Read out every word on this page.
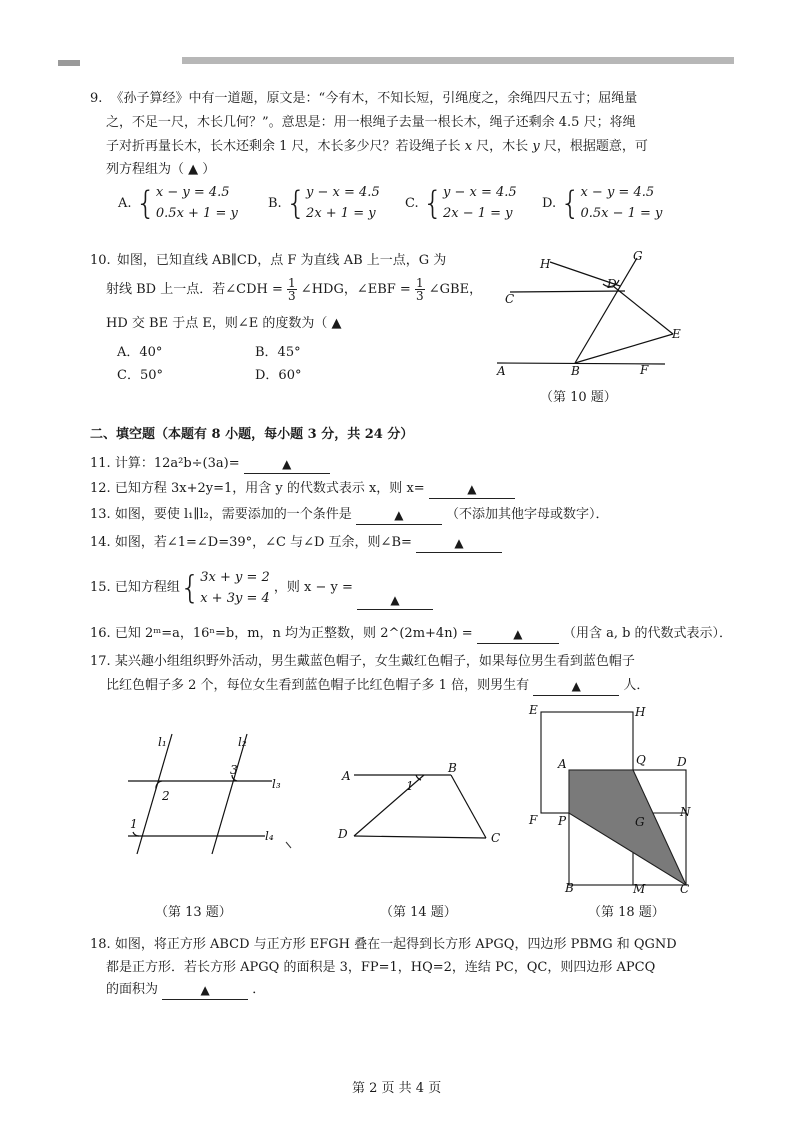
9. 《孙子算经》中有一道题，原文是：“今有木，不知长短，引绳度之，余绳四尺五寸；屈绳量
之，不足一尺，木长几何？”。意思是：用一根绳子去量一根长木，绳子还剩余 4.5 尺；将绳
子对折再量长木，长木还剩余 1 尺，木长多少尺？若设绳子长 x 尺，木长 y 尺，根据题意，可
列方程组为（ ▲ ）
A. {x − y = 4.5
0.5x + 1 = y
B. {y − x = 4.5
2x + 1 = y
C. {y − x = 4.5
2x − 1 = y
D. {x − y = 4.5
0.5x − 1 = y
10. 如图，已知直线 AB∥CD，点 F 为直线 AB 上一点，G 为
射线 BD 上一点．若∠CDH = $\frac{1}{3}$ ∠HDG，∠EBF = $\frac{1}{3}$ ∠GBE，
HD 交 BE 于点 E，则∠E 的度数为（ ▲
A．40°	B．45°
C．50°	D．60°
H
G
D
C
E
A	B	F
（第 10 题）
二、填空题（本题有 8 小题，每小题 3 分，共 24 分）
11. 计算：12a²b÷(3a)=	▲
12. 已知方程 3x+2y=1，用含 y 的代数式表示 x，则 x=	▲
13. 如图，要使 l₁∥l₂，需要添加的一个条件是	▲	（不添加其他字母或数字）．
14. 如图，若∠1=∠D=39°，∠C 与∠D 互余，则∠B=	▲
15. 已知方程组{3x + y = 2
x + 3y = 4 ，则 x − y = ▲
16. 已知 2ᵐ=a，16ⁿ=b，m，n 均为正整数，则 2^(2m+4n) =	▲	（用含 a, b 的代数式表示）．
17. 某兴趣小组组织野外活动，男生戴蓝色帽子，女生戴红色帽子，如果每位男生看到蓝色帽子
比红色帽子多 2 个，每位女生看到蓝色帽子比红色帽子多 1 倍，则男生有	▲	人．
l₁	l₂
l₃
l₄
2
3
1
（第 13 题）
A
B
C
D
1
（第 14 题）
E	H
A	Q	D
F P	G
N
B	M	C
（第 18 题）
18. 如图，将正方形 ABCD 与正方形 EFGH 叠在一起得到长方形 APGQ，四边形 PBMG 和 QGND
都是正方形．若长方形 APGQ 的面积是 3，FP=1，HQ=2，连结 PC，QC，则四边形 APCQ
的面积为	▲	．
第 2 页 共 4 页
